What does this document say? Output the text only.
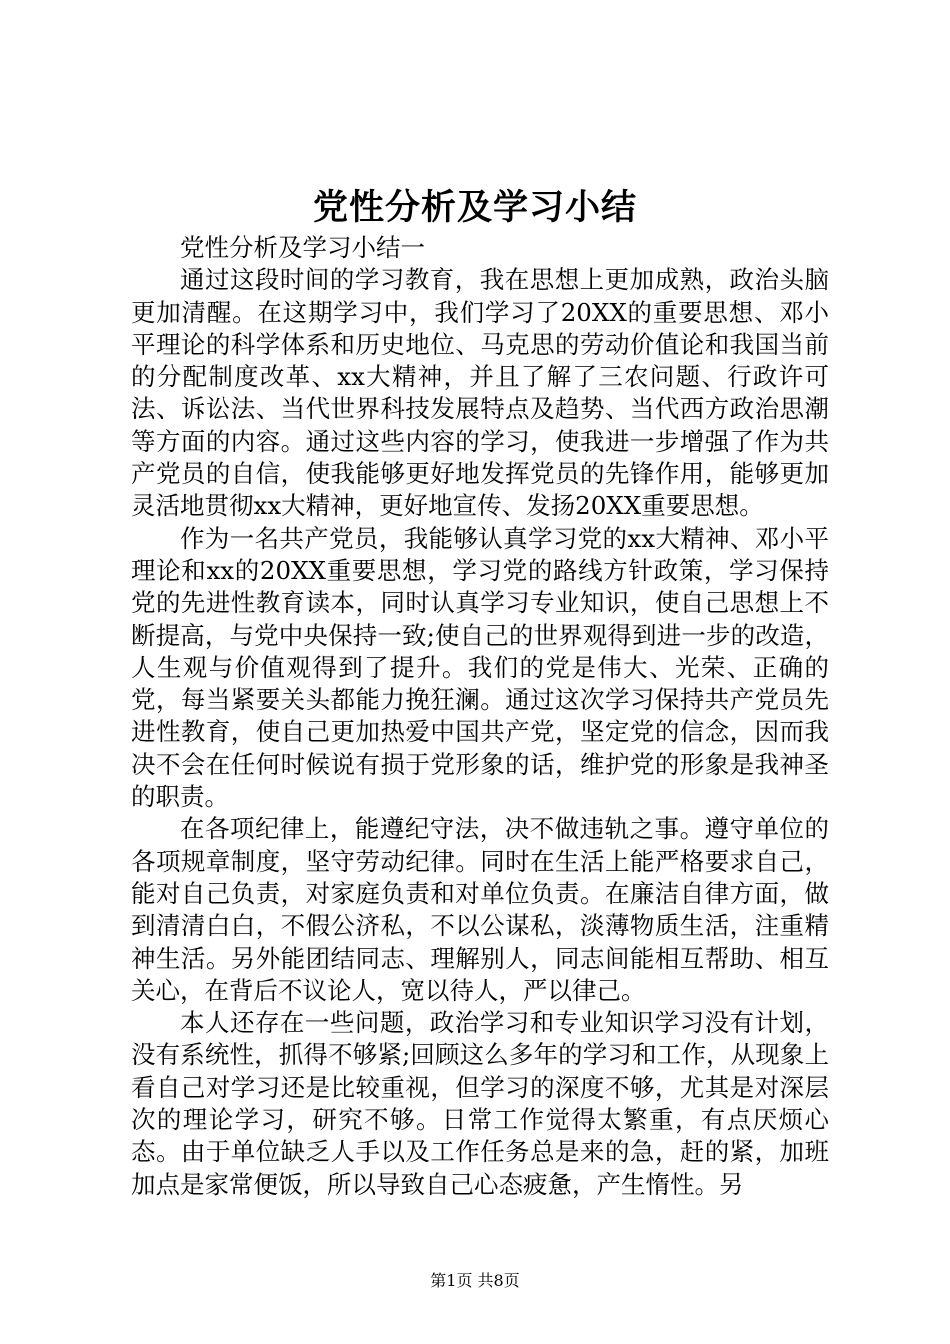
党性分析及学习小结

党性分析及学习小结一

通过这段时间的学习教育，我在思想上更加成熟，政治头脑更加清醒。在这期学习中，我们学习了20XX的重要思想、邓小平理论的科学体系和历史地位、马克思的劳动价值论和我国当前的分配制度改革、xx大精神，并且了解了三农问题、行政许可法、诉讼法、当代世界科技发展特点及趋势、当代西方政治思潮等方面的内容。通过这些内容的学习，使我进一步增强了作为共产党员的自信，使我能够更好地发挥党员的先锋作用，能够更加灵活地贯彻xx大精神，更好地宣传、发扬20XX重要思想。

作为一名共产党员，我能够认真学习党的xx大精神、邓小平理论和xx的20XX重要思想，学习党的路线方针政策，学习保持党的先进性教育读本，同时认真学习专业知识，使自己思想上不断提高，与党中央保持一致;使自己的世界观得到进一步的改造，人生观与价值观得到了提升。我们的党是伟大、光荣、正确的党，每当紧要关头都能力挽狂澜。通过这次学习保持共产党员先进性教育，使自己更加热爱中国共产党，坚定党的信念，因而我决不会在任何时候说有损于党形象的话，维护党的形象是我神圣的职责。

在各项纪律上，能遵纪守法，决不做违轨之事。遵守单位的各项规章制度，坚守劳动纪律。同时在生活上能严格要求自己，能对自己负责，对家庭负责和对单位负责。在廉洁自律方面，做到清清白白，不假公济私，不以公谋私，淡薄物质生活，注重精神生活。另外能团结同志、理解别人，同志间能相互帮助、相互关心，在背后不议论人，宽以待人，严以律己。

本人还存在一些问题，政治学习和专业知识学习没有计划，没有系统性，抓得不够紧;回顾这么多年的学习和工作，从现象上看自己对学习还是比较重视，但学习的深度不够，尤其是对深层次的理论学习，研究不够。日常工作觉得太繁重，有点厌烦心态。由于单位缺乏人手以及工作任务总是来的急，赶的紧，加班加点是家常便饭，所以导致自己心态疲惫，产生惰性。另

第1页 共8页
